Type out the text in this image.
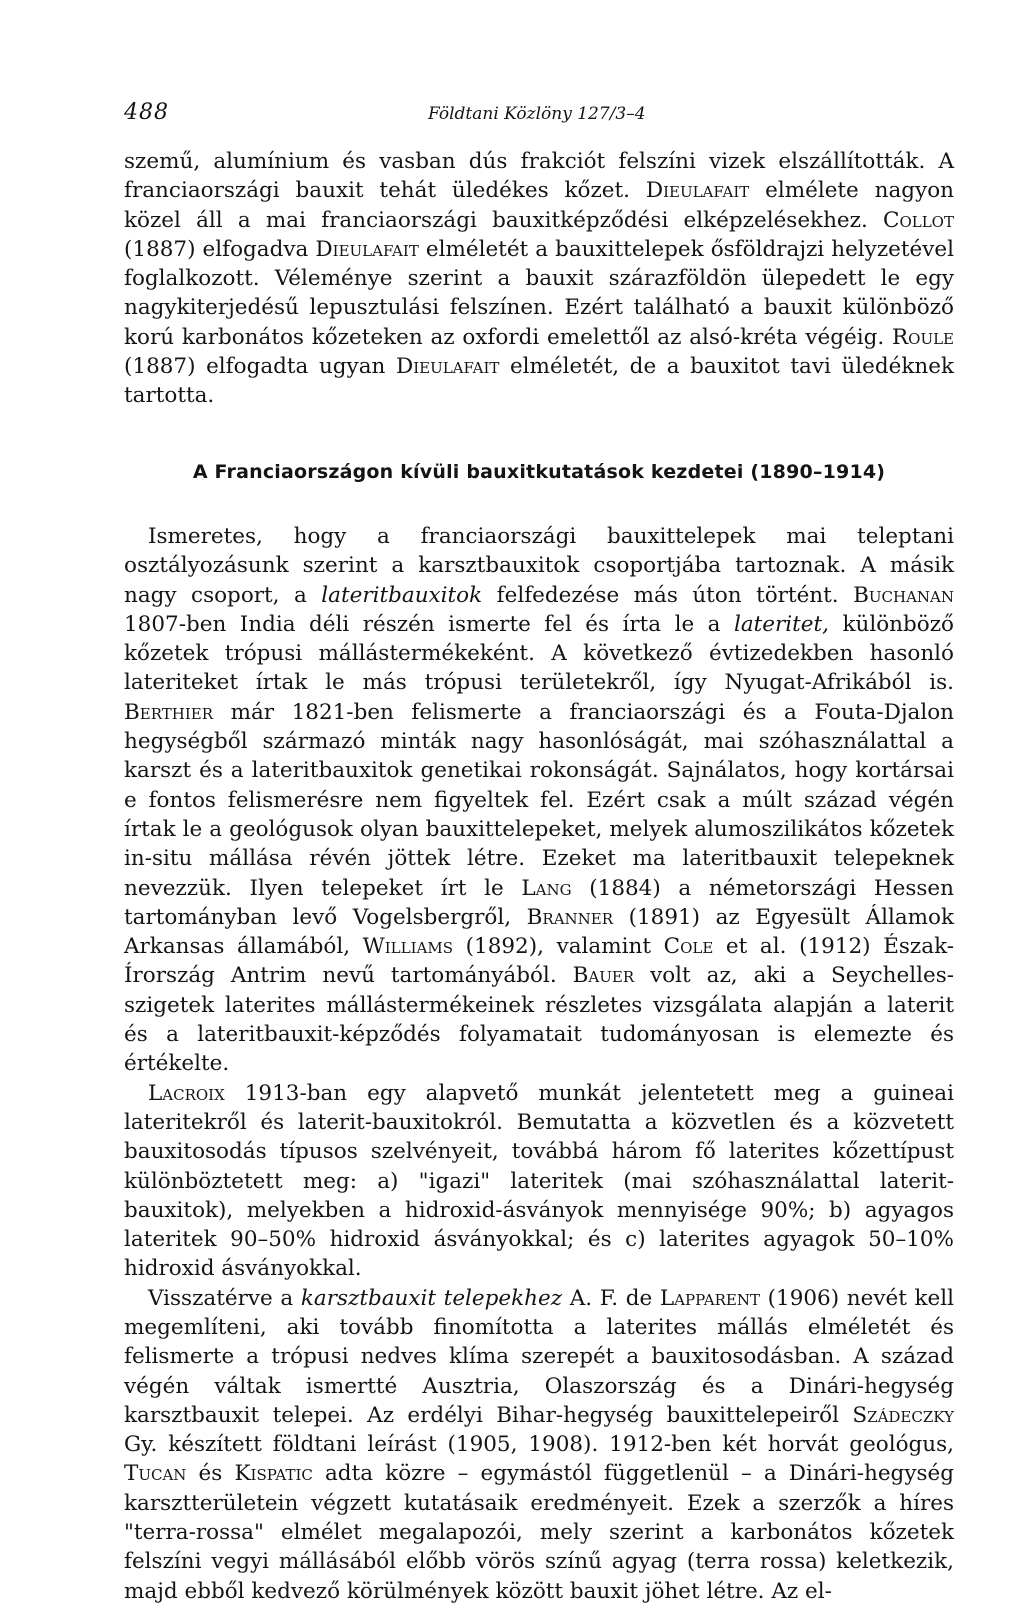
488	Földtani Közlöny 127/3–4

szemű, alumínium és vasban dús frakciót felszíni vizek elszállították. A franciaországi bauxit tehát üledékes kőzet. Dieulafait elmélete nagyon közel áll a mai franciaországi bauxitképződési elképzelésekhez. Collot (1887) elfogadva Dieulafait elméletét a bauxittelepek ősföldrajzi helyzetével foglalkozott. Véleménye szerint a bauxit szárazföldön ülepedett le egy nagykiterjedésű lepusztulási felszínen. Ezért található a bauxit különböző korú karbonátos kőzeteken az oxfordi emelettől az alsó-kréta végéig. Roule (1887) elfogadta ugyan Dieulafait elméletét, de a bauxitot tavi üledéknek tartotta.

A Franciaországon kívüli bauxitkutatások kezdetei (1890–1914)

Ismeretes, hogy a franciaországi bauxittelepek mai teleptani osztályozásunk szerint a karsztbauxitok csoportjába tartoznak. A másik nagy csoport, a lateritbauxitok felfedezése más úton történt. Buchanan 1807-ben India déli részén ismerte fel és írta le a lateritet, különböző kőzetek trópusi mállástermékeként. A következő évtizedekben hasonló lateriteket írtak le más trópusi területekről, így Nyugat-Afrikából is. Berthier már 1821-ben felismerte a franciaországi és a Fouta-Djalon hegységből származó minták nagy hasonlóságát, mai szóhasználattal a karszt és a lateritbauxitok genetikai rokonságát. Sajnálatos, hogy kortársai e fontos felismerésre nem figyeltek fel. Ezért csak a múlt század végén írtak le a geológusok olyan bauxittelepeket, melyek alumoszilikátos kőzetek in-situ mállása révén jöttek létre. Ezeket ma lateritbauxit telepeknek nevezzük. Ilyen telepeket írt le Lang (1884) a németországi Hessen tartományban levő Vogelsbergről, Branner (1891) az Egyesült Államok Arkansas államából, Williams (1892), valamint Cole et al. (1912) Észak-Írország Antrim nevű tartományából. Bauer volt az, aki a Seychelles-szigetek laterites mállástermékeinek részletes vizsgálata alapján a laterit és a lateritbauxit-képződés folyamatait tudományosan is elemezte és értékelte.

Lacroix 1913-ban egy alapvető munkát jelentetett meg a guineai lateritekről és laterit-bauxitokról. Bemutatta a közvetlen és a közvetett bauxitosodás típusos szelvényeit, továbbá három fő laterites kőzettípust különböztetett meg: a) "igazi" lateritek (mai szóhasználattal laterit-bauxitok), melyekben a hidroxid-ásványok mennyisége 90%; b) agyagos lateritek 90–50% hidroxid ásványokkal; és c) laterites agyagok 50–10% hidroxid ásványokkal.

Visszatérve a karsztbauxit telepekhez A. F. de Lapparent (1906) nevét kell megemlíteni, aki tovább finomította a laterites mállás elméletét és felismerte a trópusi nedves klíma szerepét a bauxitosodásban. A század végén váltak ismertté Ausztria, Olaszország és a Dinári-hegység karsztbauxit telepei. Az erdélyi Bihar-hegység bauxittelepeiről Szádeczky Gy. készített földtani leírást (1905, 1908). 1912-ben két horvát geológus, Tucan és Kispatic adta közre – egymástól függetlenül – a Dinári-hegység karsztterületein végzett kutatásaik eredményeit. Ezek a szerzők a híres "terra-rossa" elmélet megalapozói, mely szerint a karbonátos kőzetek felszíni vegyi mállásából előbb vörös színű agyag (terra rossa) keletkezik, majd ebből kedvező körülmények között bauxit jöhet létre. Az el-
